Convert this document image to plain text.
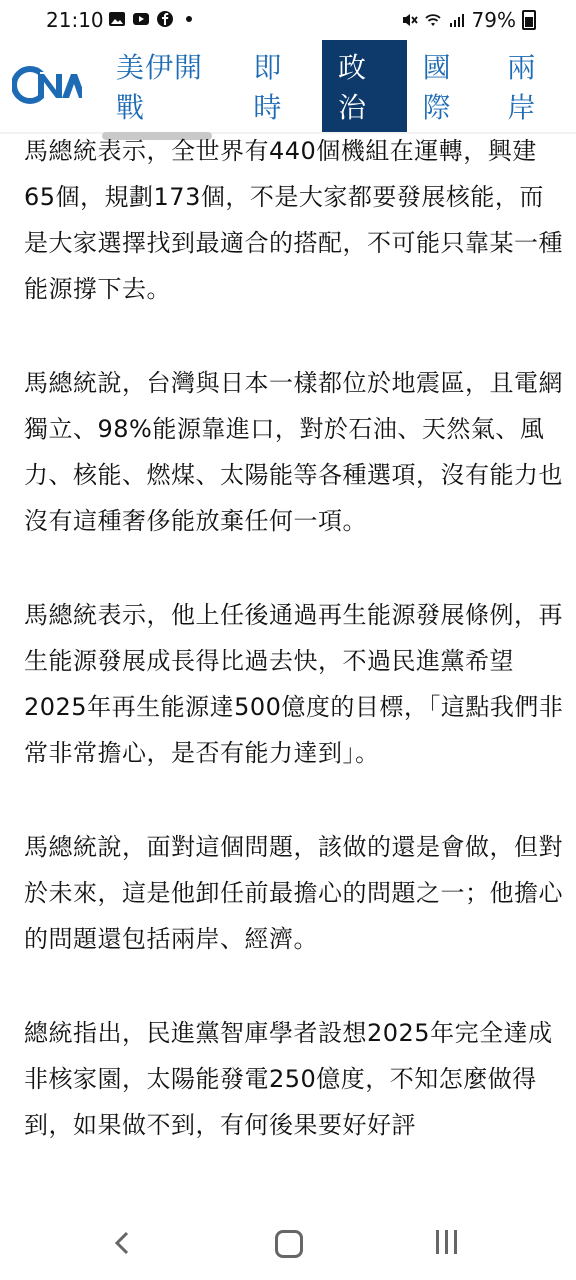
21:10	79%
美伊開戰
即時
政治
國際
兩岸

馬總統表示，全世界有440個機組在運轉，興建65個，規劃173個，不是大家都要發展核能，而是大家選擇找到最適合的搭配，不可能只靠某一種能源撐下去。

馬總統說，台灣與日本一樣都位於地震區，且電網獨立、98%能源靠進口，對於石油、天然氣、風力、核能、燃煤、太陽能等各種選項，沒有能力也沒有這種奢侈能放棄任何一項。

馬總統表示，他上任後通過再生能源發展條例，再生能源發展成長得比過去快，不過民進黨希望2025年再生能源達500億度的目標，「這點我們非常非常擔心，是否有能力達到」。

馬總統說，面對這個問題，該做的還是會做，但對於未來，這是他卸任前最擔心的問題之一；他擔心的問題還包括兩岸、經濟。

總統指出，民進黨智庫學者設想2025年完全達成非核家園，太陽能發電250億度，不知怎麼做得到，如果做不到，有何後果要好好評
